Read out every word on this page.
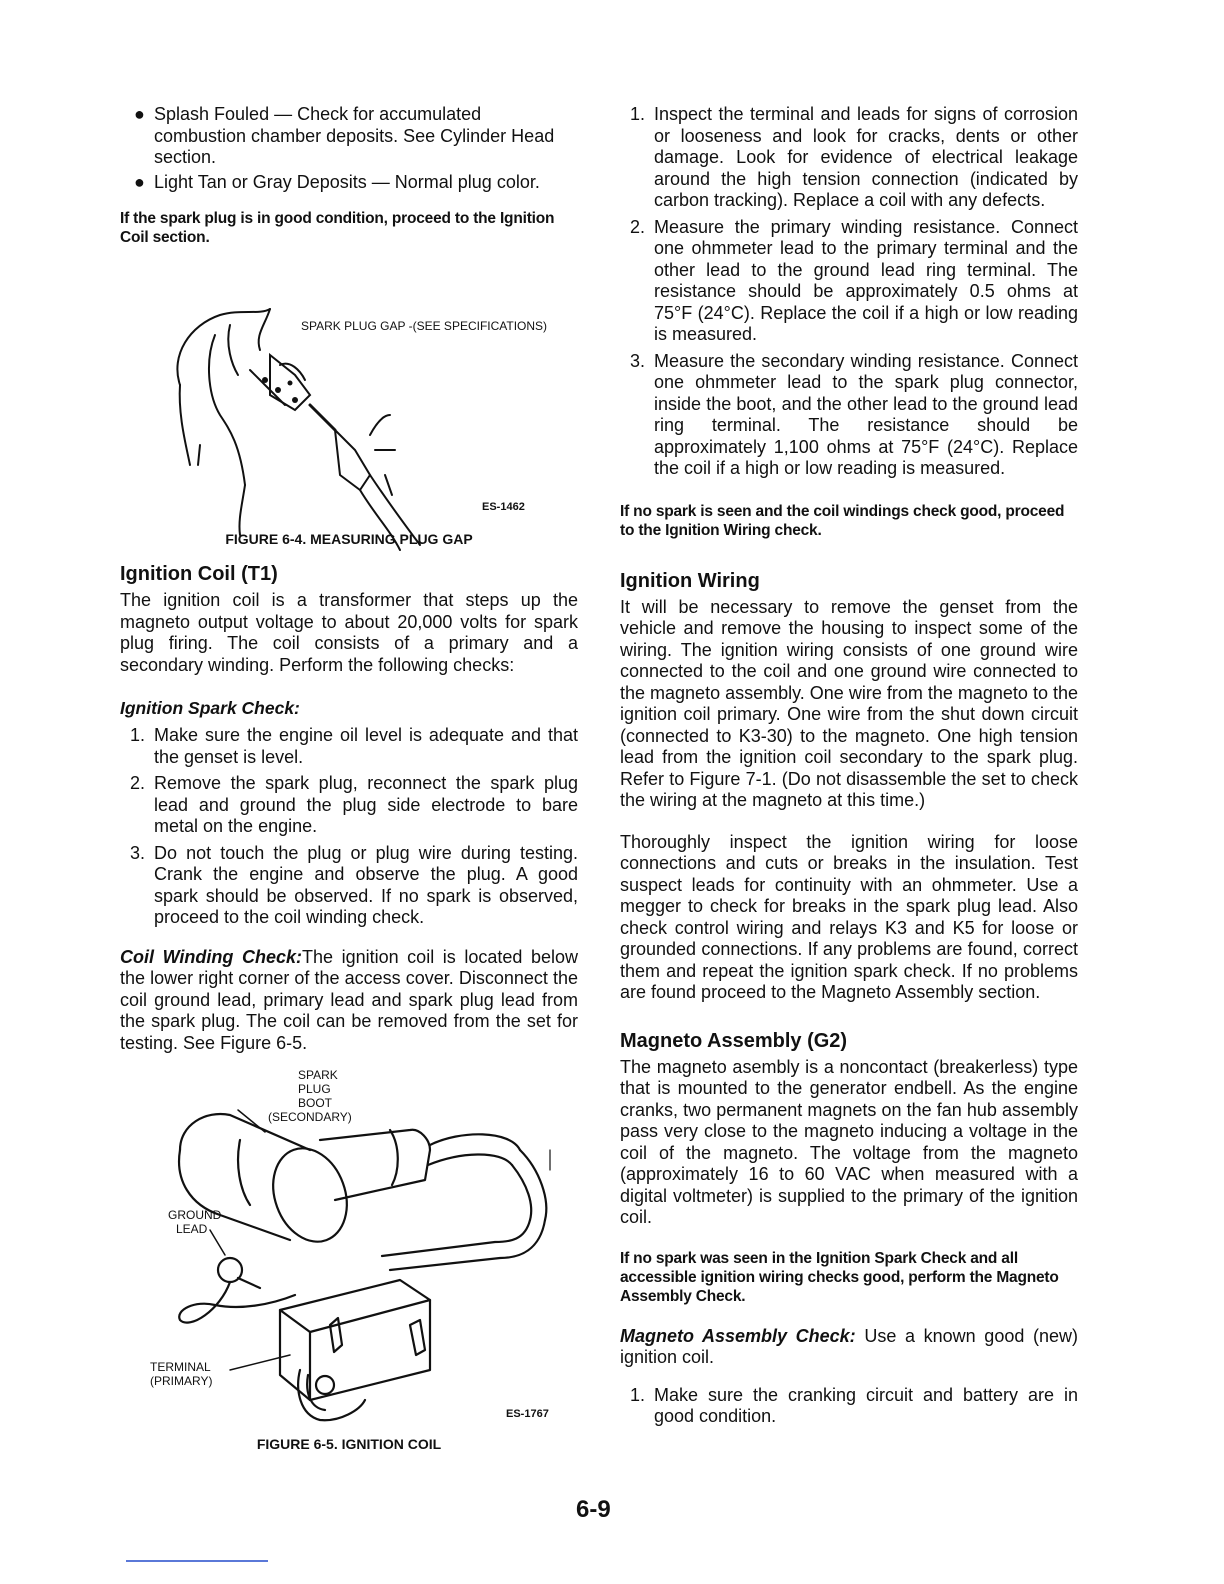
● Splash Fouled — Check for accumulated combustion chamber deposits. See Cylinder Head section.
● Light Tan or Gray Deposits — Normal plug color.

If the spark plug is in good condition, proceed to the Ignition Coil section.

SPARK PLUG GAP -(SEE SPECIFICATIONS)
ES-1462

FIGURE 6-4. MEASURING PLUG GAP

Ignition Coil (T1)

The ignition coil is a transformer that steps up the magneto output voltage to about 20,000 volts for spark plug firing. The coil consists of a primary and a secondary winding. Perform the following checks:

Ignition Spark Check:
1. Make sure the engine oil level is adequate and that the genset is level.
2. Remove the spark plug, reconnect the spark plug lead and ground the plug side electrode to bare metal on the engine.
3. Do not touch the plug or plug wire during testing. Crank the engine and observe the plug. A good spark should be observed. If no spark is observed, proceed to the coil winding check.

Coil Winding Check:The ignition coil is located below the lower right corner of the access cover. Disconnect the coil ground lead, primary lead and spark plug lead from the spark plug. The coil can be removed from the set for testing. See Figure 6-5.

SPARK
PLUG
BOOT
(SECONDARY)
GROUND
LEAD
TERMINAL
(PRIMARY)
ES-1767

FIGURE 6-5. IGNITION COIL

1. Inspect the terminal and leads for signs of corrosion or looseness and look for cracks, dents or other damage. Look for evidence of electrical leakage around the high tension connection (indicated by carbon tracking). Replace a coil with any defects.
2. Measure the primary winding resistance. Connect one ohmmeter lead to the primary terminal and the other lead to the ground lead ring terminal. The resistance should be approximately 0.5 ohms at 75°F (24°C). Replace the coil if a high or low reading is measured.
3. Measure the secondary winding resistance. Connect one ohmmeter lead to the spark plug connector, inside the boot, and the other lead to the ground lead ring terminal. The resistance should be approximately 1,100 ohms at 75°F (24°C). Replace the coil if a high or low reading is measured.

If no spark is seen and the coil windings check good, proceed to the Ignition Wiring check.

Ignition Wiring

It will be necessary to remove the genset from the vehicle and remove the housing to inspect some of the wiring. The ignition wiring consists of one ground wire connected to the coil and one ground wire connected to the magneto assembly. One wire from the magneto to the ignition coil primary. One wire from the shut down circuit (connected to K3-30) to the magneto. One high tension lead from the ignition coil secondary to the spark plug. Refer to Figure 7-1. (Do not disassemble the set to check the wiring at the magneto at this time.)

Thoroughly inspect the ignition wiring for loose connections and cuts or breaks in the insulation. Test suspect leads for continuity with an ohmmeter. Use a megger to check for breaks in the spark plug lead. Also check control wiring and relays K3 and K5 for loose or grounded connections. If any problems are found, correct them and repeat the ignition spark check. If no problems are found proceed to the Magneto Assembly section.

Magneto Assembly (G2)

The magneto asembly is a noncontact (breakerless) type that is mounted to the generator endbell. As the engine cranks, two permanent magnets on the fan hub assembly pass very close to the magneto inducing a voltage in the coil of the magneto. The voltage from the magneto (approximately 16 to 60 VAC when measured with a digital voltmeter) is supplied to the primary of the ignition coil.

If no spark was seen in the Ignition Spark Check and all accessible ignition wiring checks good, perform the Magneto Assembly Check.

Magneto Assembly Check: Use a known good (new) ignition coil.

1. Make sure the cranking circuit and battery are in good condition.
6-9
